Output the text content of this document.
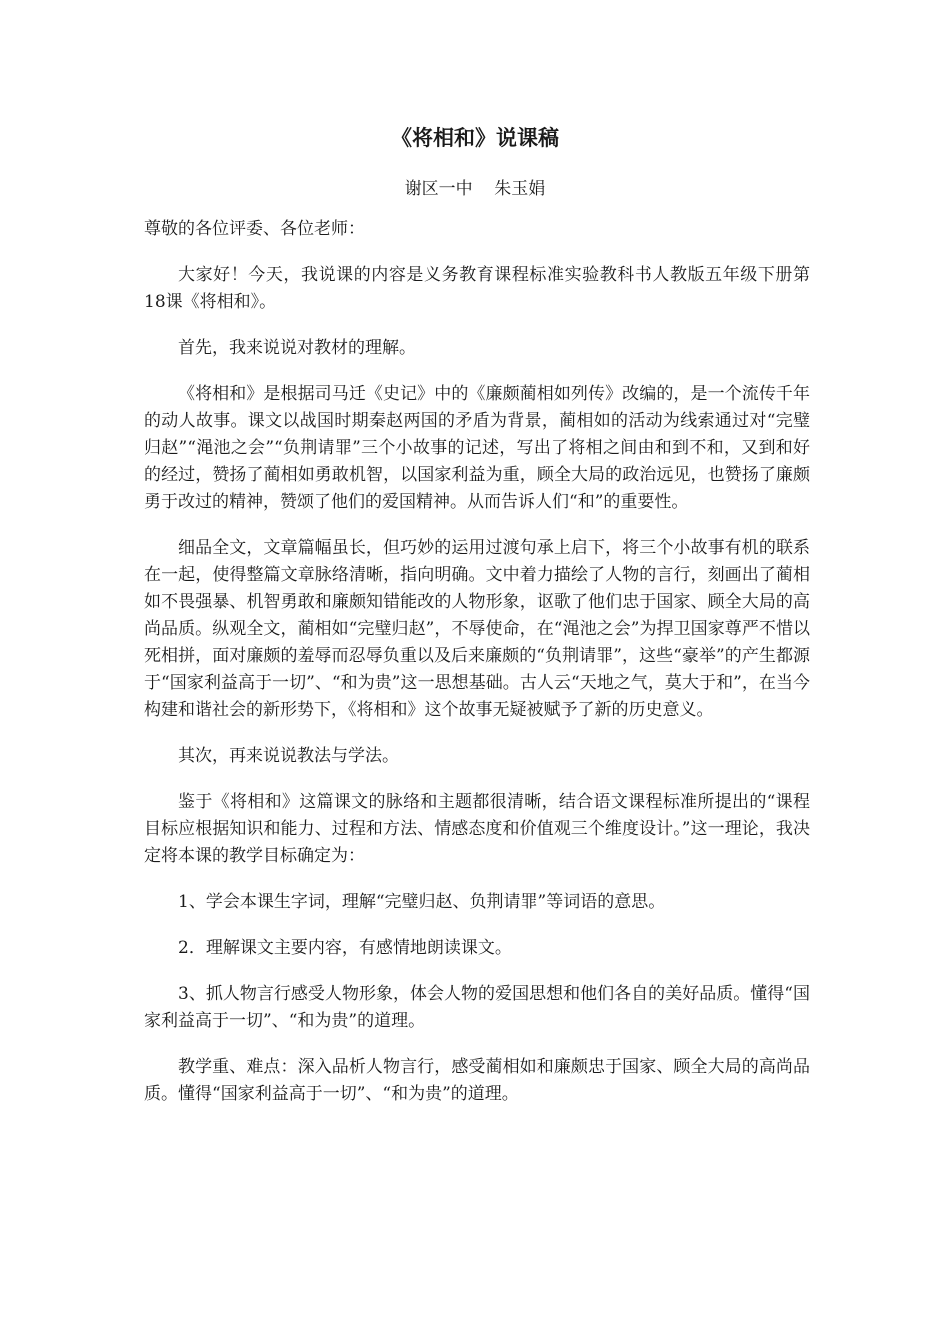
《将相和》说课稿
谢区一中    朱玉娟

尊敬的各位评委、各位老师：

大家好！今天，我说课的内容是义务教育课程标准实验教科书人教版五年级下册第18课《将相和》。

首先，我来说说对教材的理解。

《将相和》是根据司马迁《史记》中的《廉颇蔺相如列传》改编的，是一个流传千年的动人故事。课文以战国时期秦赵两国的矛盾为背景，蔺相如的活动为线索通过对“完璧归赵”“渑池之会”“负荆请罪”三个小故事的记述，写出了将相之间由和到不和，又到和好的经过，赞扬了蔺相如勇敢机智，以国家利益为重，顾全大局的政治远见，也赞扬了廉颇勇于改过的精神，赞颂了他们的爱国精神。从而告诉人们“和”的重要性。

细品全文，文章篇幅虽长，但巧妙的运用过渡句承上启下，将三个小故事有机的联系在一起，使得整篇文章脉络清晰，指向明确。文中着力描绘了人物的言行，刻画出了蔺相如不畏强暴、机智勇敢和廉颇知错能改的人物形象，讴歌了他们忠于国家、顾全大局的高尚品质。纵观全文，蔺相如“完璧归赵”，不辱使命，在“渑池之会”为捍卫国家尊严不惜以死相拼，面对廉颇的羞辱而忍辱负重以及后来廉颇的“负荆请罪”，这些“豪举”的产生都源于“国家利益高于一切”、“和为贵”这一思想基础。古人云“天地之气，莫大于和”，在当今构建和谐社会的新形势下，《将相和》这个故事无疑被赋予了新的历史意义。

其次，再来说说教法与学法。

鉴于《将相和》这篇课文的脉络和主题都很清晰，结合语文课程标准所提出的“课程目标应根据知识和能力、过程和方法、情感态度和价值观三个维度设计。”这一理论，我决定将本课的教学目标确定为：

1、学会本课生字词，理解“完璧归赵、负荆请罪”等词语的意思。

2．理解课文主要内容，有感情地朗读课文。

3、抓人物言行感受人物形象，体会人物的爱国思想和他们各自的美好品质。懂得“国家利益高于一切”、“和为贵”的道理。

教学重、难点：深入品析人物言行，感受蔺相如和廉颇忠于国家、顾全大局的高尚品质。懂得“国家利益高于一切”、“和为贵”的道理。
